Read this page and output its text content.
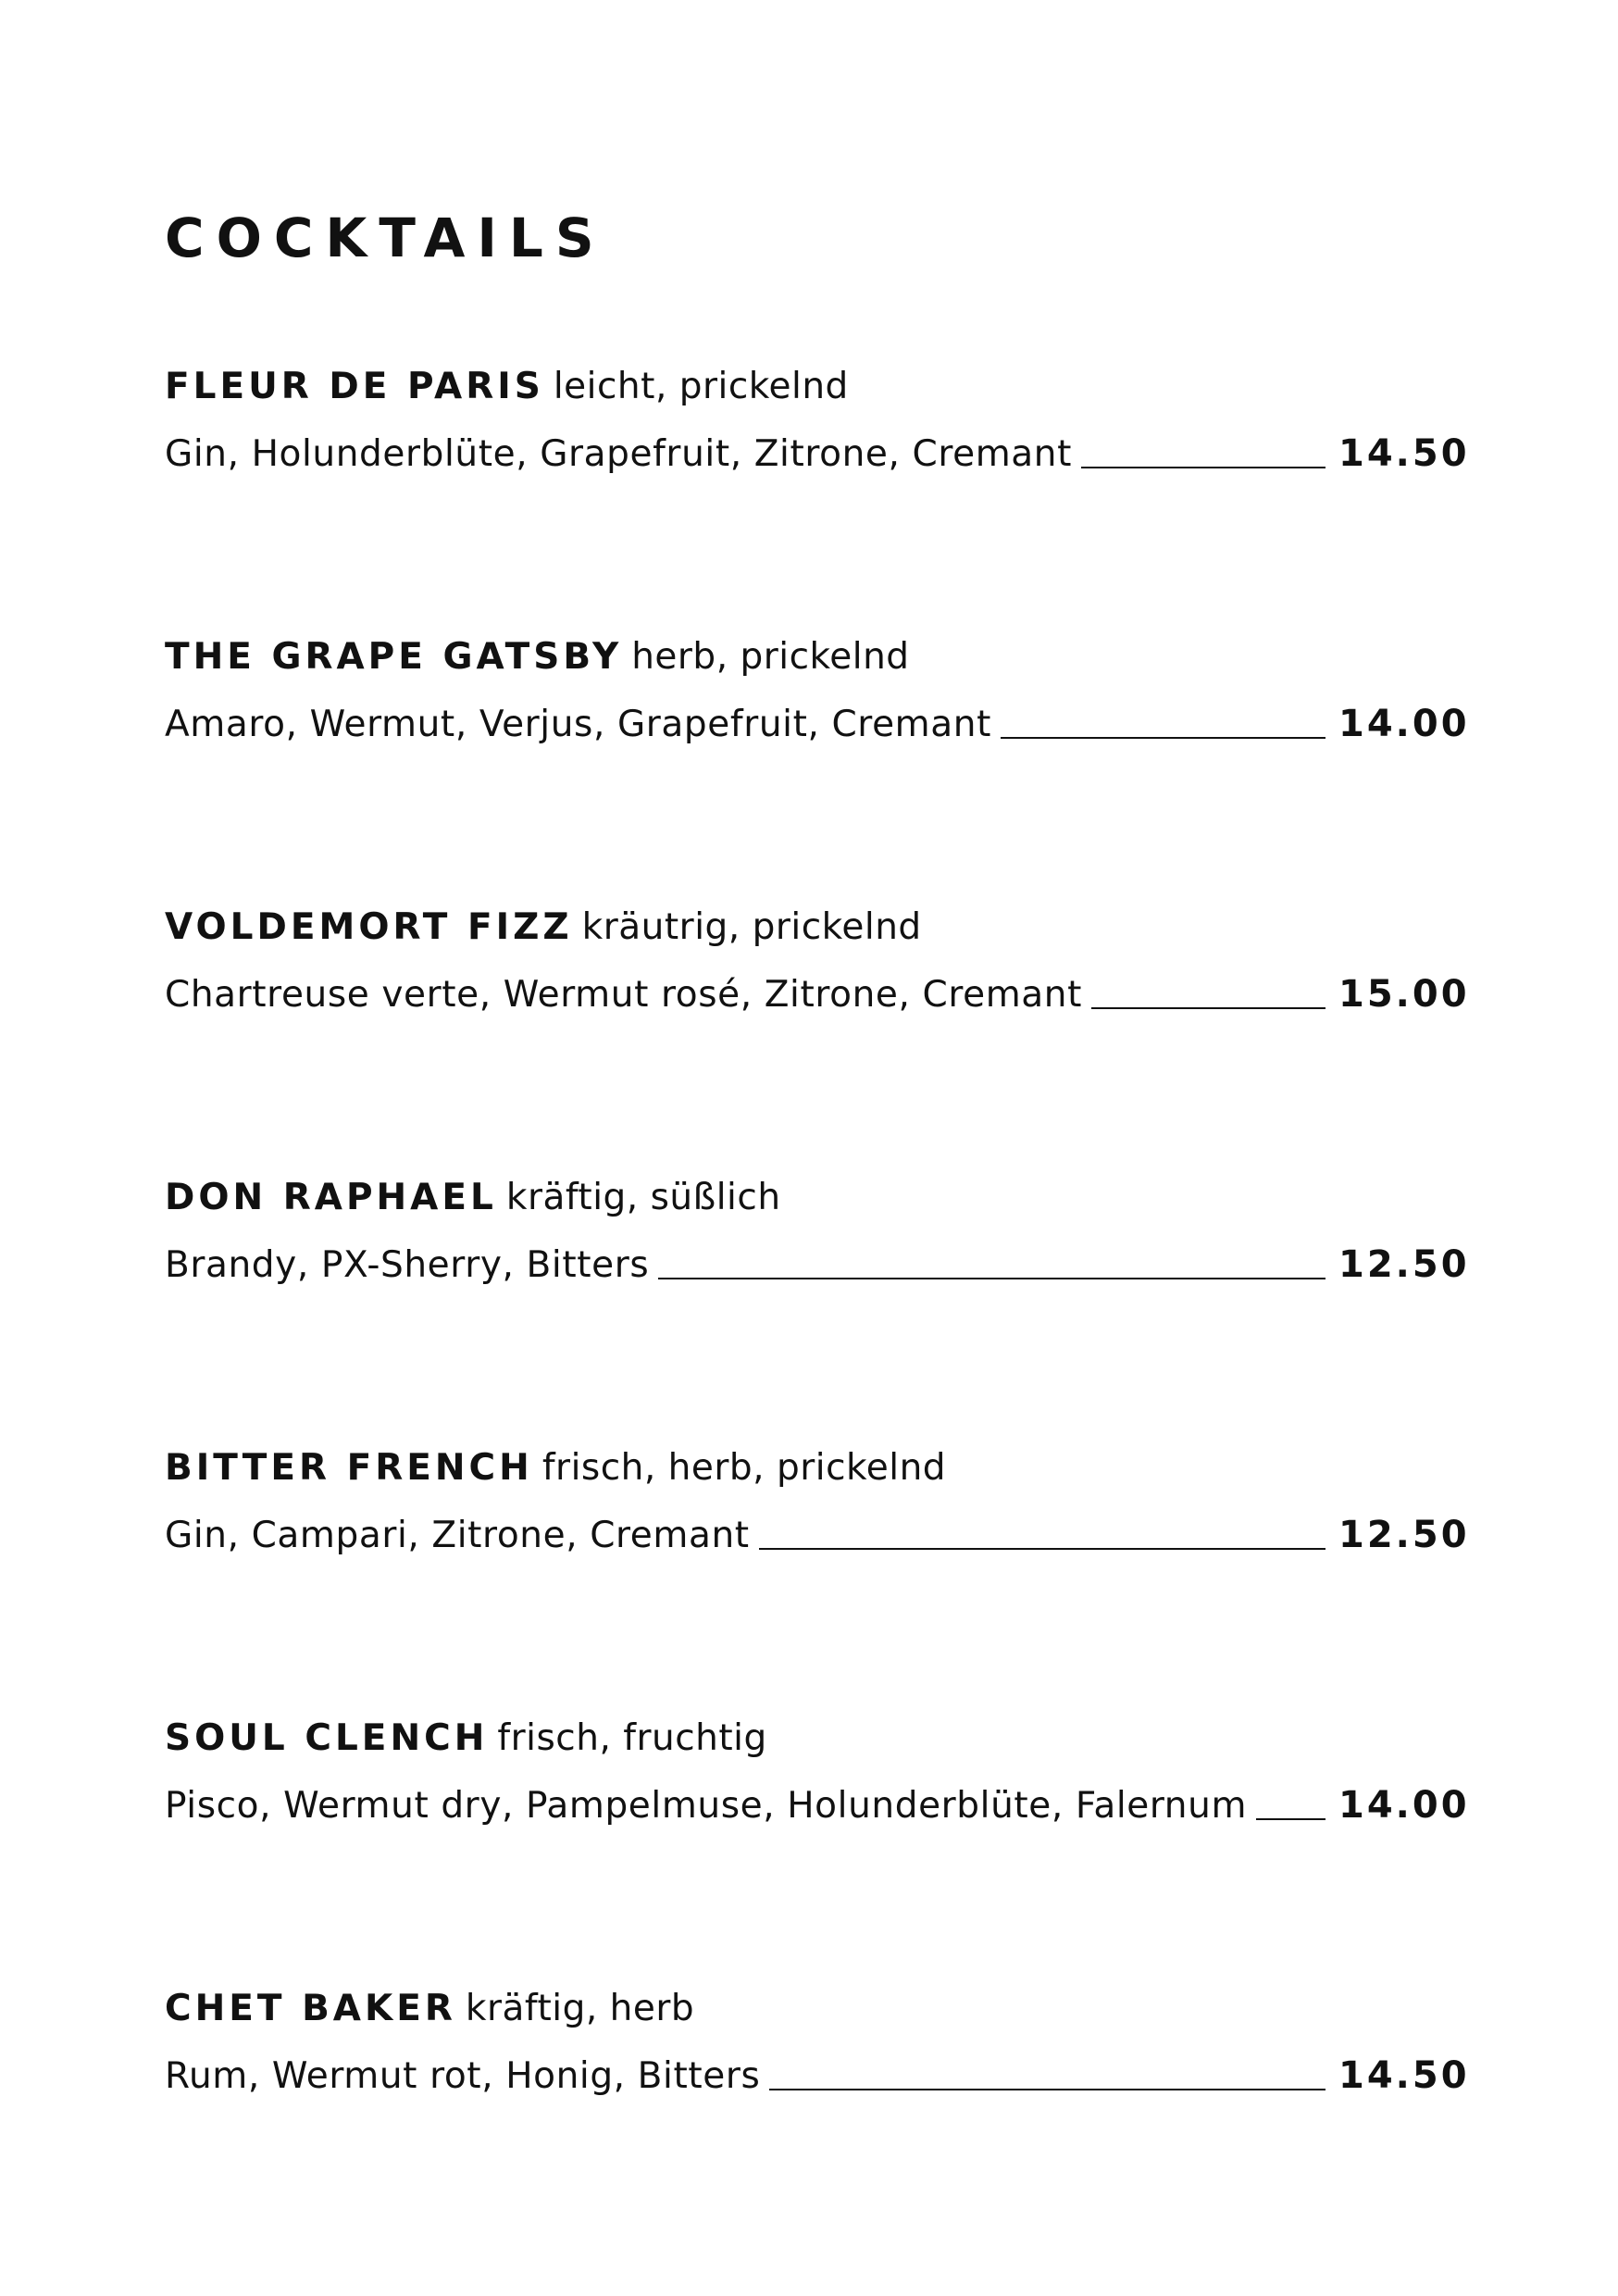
COCKTAILS
FLEUR DE PARIS leicht, prickelnd
Gin, Holunderblüte, Grapefruit, Zitrone, Cremant	14.50
THE GRAPE GATSBY herb, prickelnd
Amaro, Wermut, Verjus, Grapefruit, Cremant	14.00
VOLDEMORT FIZZ kräutrig, prickelnd
Chartreuse verte, Wermut rosé, Zitrone, Cremant	15.00
DON RAPHAEL kräftig, süßlich
Brandy, PX-Sherry, Bitters	12.50
BITTER FRENCH frisch, herb, prickelnd
Gin, Campari, Zitrone, Cremant	12.50
SOUL CLENCH frisch, fruchtig
Pisco, Wermut dry, Pampelmuse, Holunderblüte, Falernum 14.00
CHET BAKER kräftig, herb
Rum, Wermut rot, Honig, Bitters	14.50
